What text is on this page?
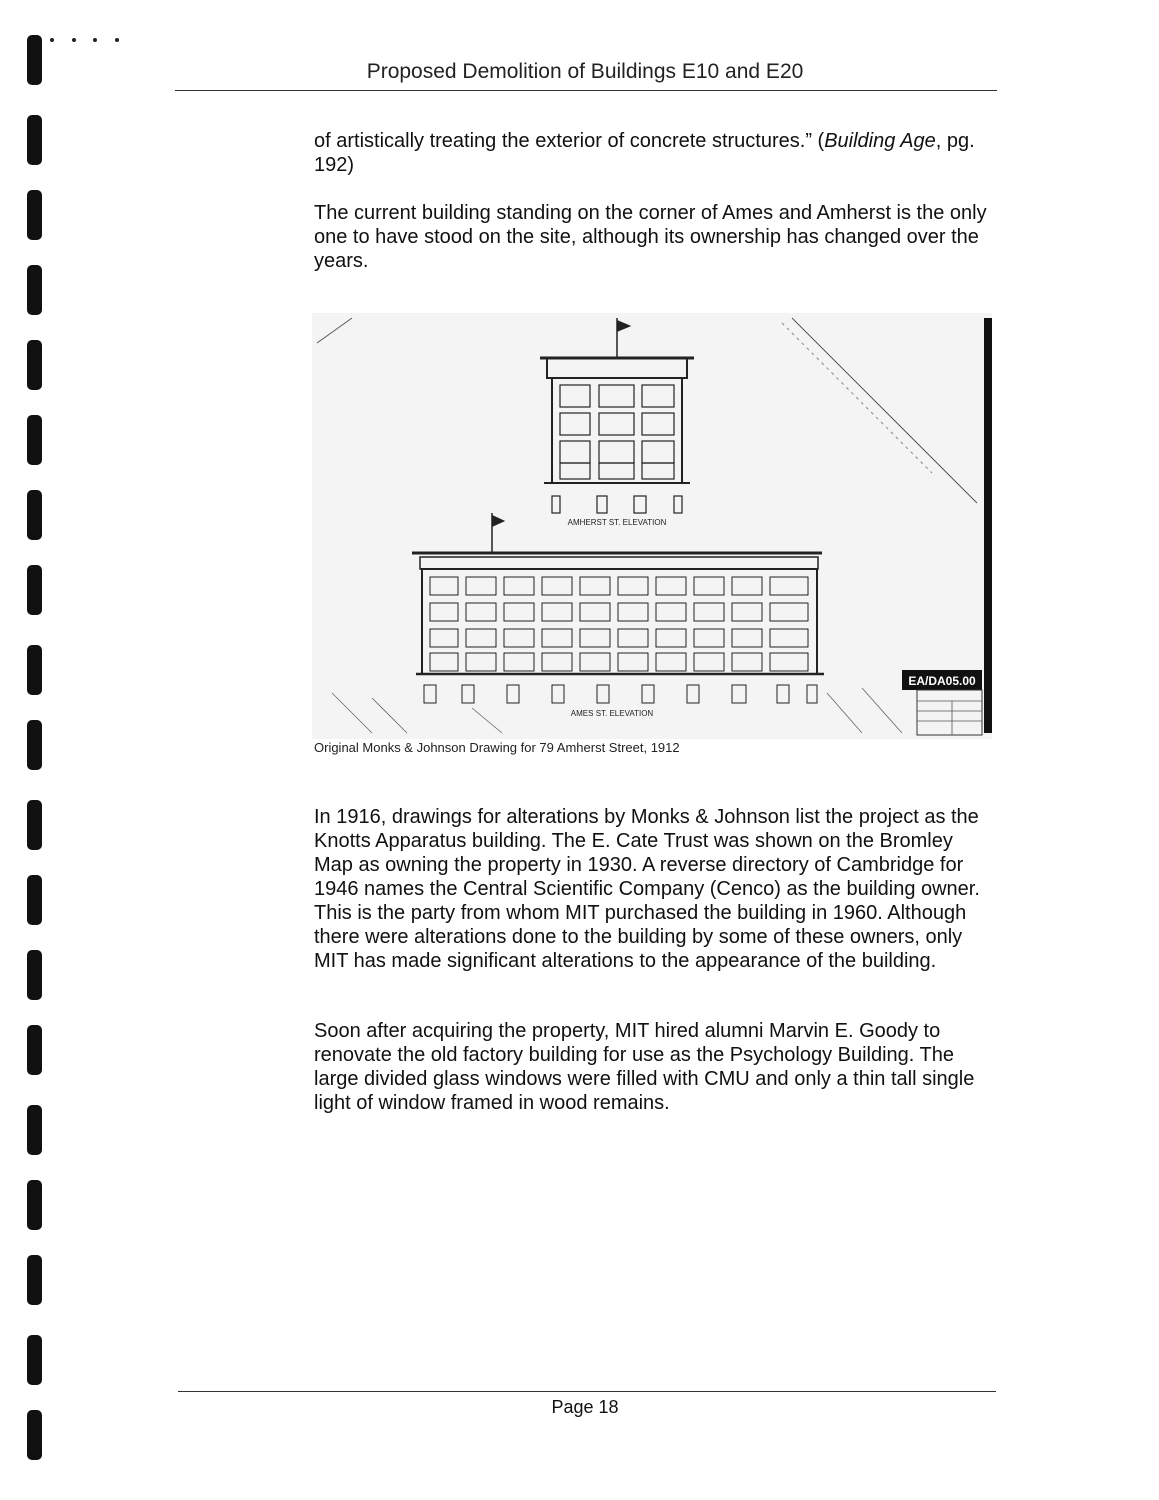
Proposed Demolition of Buildings E10 and E20

of artistically treating the exterior of concrete structures.” (Building Age, pg. 192)

The current building standing on the corner of Ames and Amherst is the only one to have stood on the site, although its ownership has changed over the years.

AMHERST ST. ELEVATION
AMES ST. ELEVATION
EA/DA05.00
Original Monks & Johnson Drawing for 79 Amherst Street, 1912

In 1916, drawings for alterations by Monks & Johnson list the project as the Knotts Apparatus building. The E. Cate Trust was shown on the Bromley Map as owning the property in 1930. A reverse directory of Cambridge for 1946 names the Central Scientific Company (Cenco) as the building owner. This is the party from whom MIT purchased the building in 1960. Although there were alterations done to the building by some of these owners, only MIT has made significant alterations to the appearance of the building.

Soon after acquiring the property, MIT hired alumni Marvin E. Goody to renovate the old factory building for use as the Psychology Building. The large divided glass windows were filled with CMU and only a thin tall single light of window framed in wood remains.

Page 18
